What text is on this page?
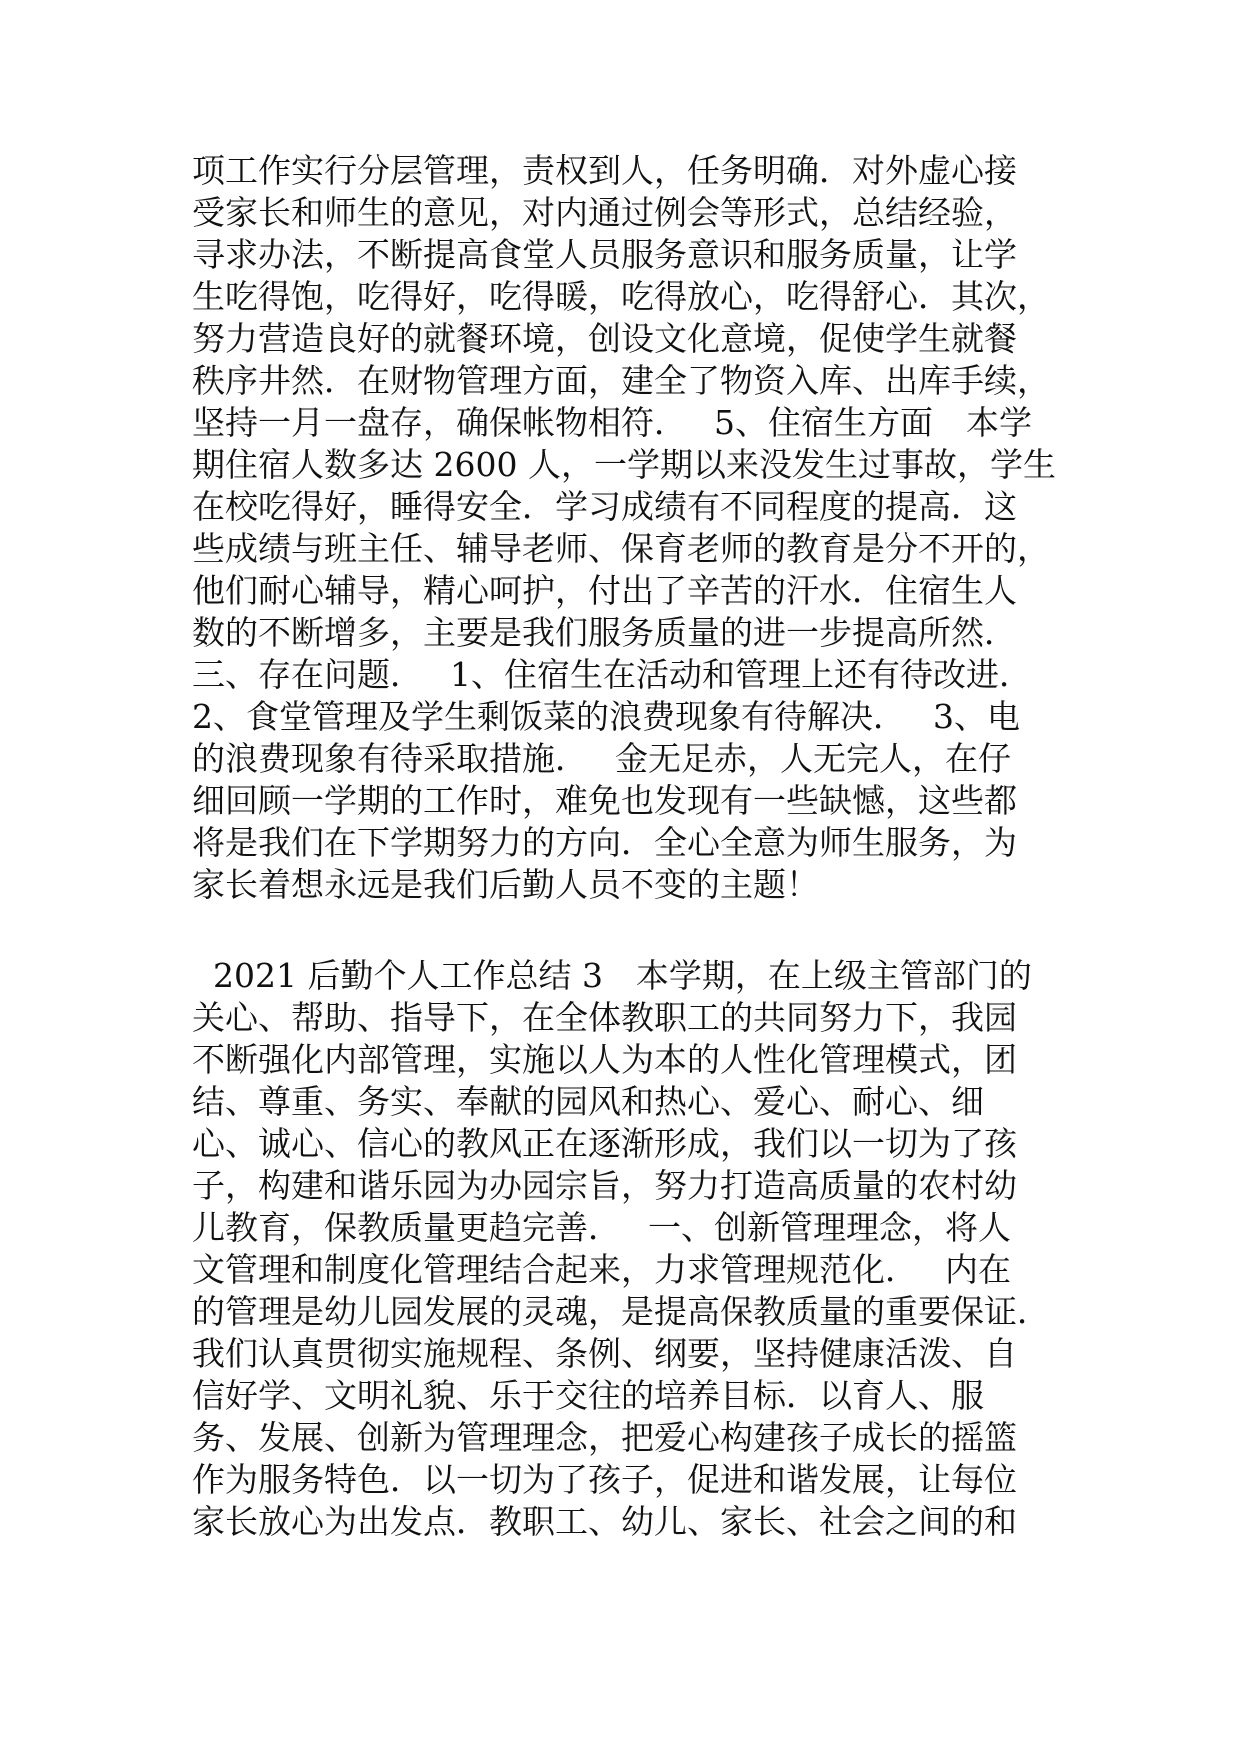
项工作实行分层管理，责权到人，任务明确．对外虚心接
受家长和师生的意见，对内通过例会等形式，总结经验，
寻求办法，不断提高食堂人员服务意识和服务质量，让学
生吃得饱，吃得好，吃得暖，吃得放心，吃得舒心．其次，
努力营造良好的就餐环境，创设文化意境，促使学生就餐
秩序井然．在财物管理方面，建全了物资入库、出库手续，
坚持一月一盘存，确保帐物相符．　 5、住宿生方面　本学
期住宿人数多达 2600 人，一学期以来没发生过事故，学生
在校吃得好，睡得安全．学习成绩有不同程度的提高．这
些成绩与班主任、辅导老师、保育老师的教育是分不开的，
他们耐心辅导，精心呵护，付出了辛苦的汗水．住宿生人
数的不断增多，主要是我们服务质量的进一步提高所然．
三、存在问题．　 1、住宿生在活动和管理上还有待改进．
2、食堂管理及学生剩饭菜的浪费现象有待解决．　 3、电
的浪费现象有待采取措施．　 金无足赤，人无完人，在仔
细回顾一学期的工作时，难免也发现有一些缺憾，这些都
将是我们在下学期努力的方向．全心全意为师生服务，为
家长着想永远是我们后勤人员不变的主题！
2021 后勤个人工作总结 3　本学期，在上级主管部门的
关心、帮助、指导下，在全体教职工的共同努力下，我园
不断强化内部管理，实施以人为本的人性化管理模式，团
结、尊重、务实、奉献的园风和热心、爱心、耐心、细
心、诚心、信心的教风正在逐渐形成，我们以一切为了孩
子，构建和谐乐园为办园宗旨，努力打造高质量的农村幼
儿教育，保教质量更趋完善．　 一、创新管理理念，将人
文管理和制度化管理结合起来，力求管理规范化．　 内在
的管理是幼儿园发展的灵魂，是提高保教质量的重要保证．
我们认真贯彻实施规程、条例、纲要，坚持健康活泼、自
信好学、文明礼貌、乐于交往的培养目标．以育人、服
务、发展、创新为管理理念，把爱心构建孩子成长的摇篮
作为服务特色．以一切为了孩子，促进和谐发展，让每位
家长放心为出发点．教职工、幼儿、家长、社会之间的和
